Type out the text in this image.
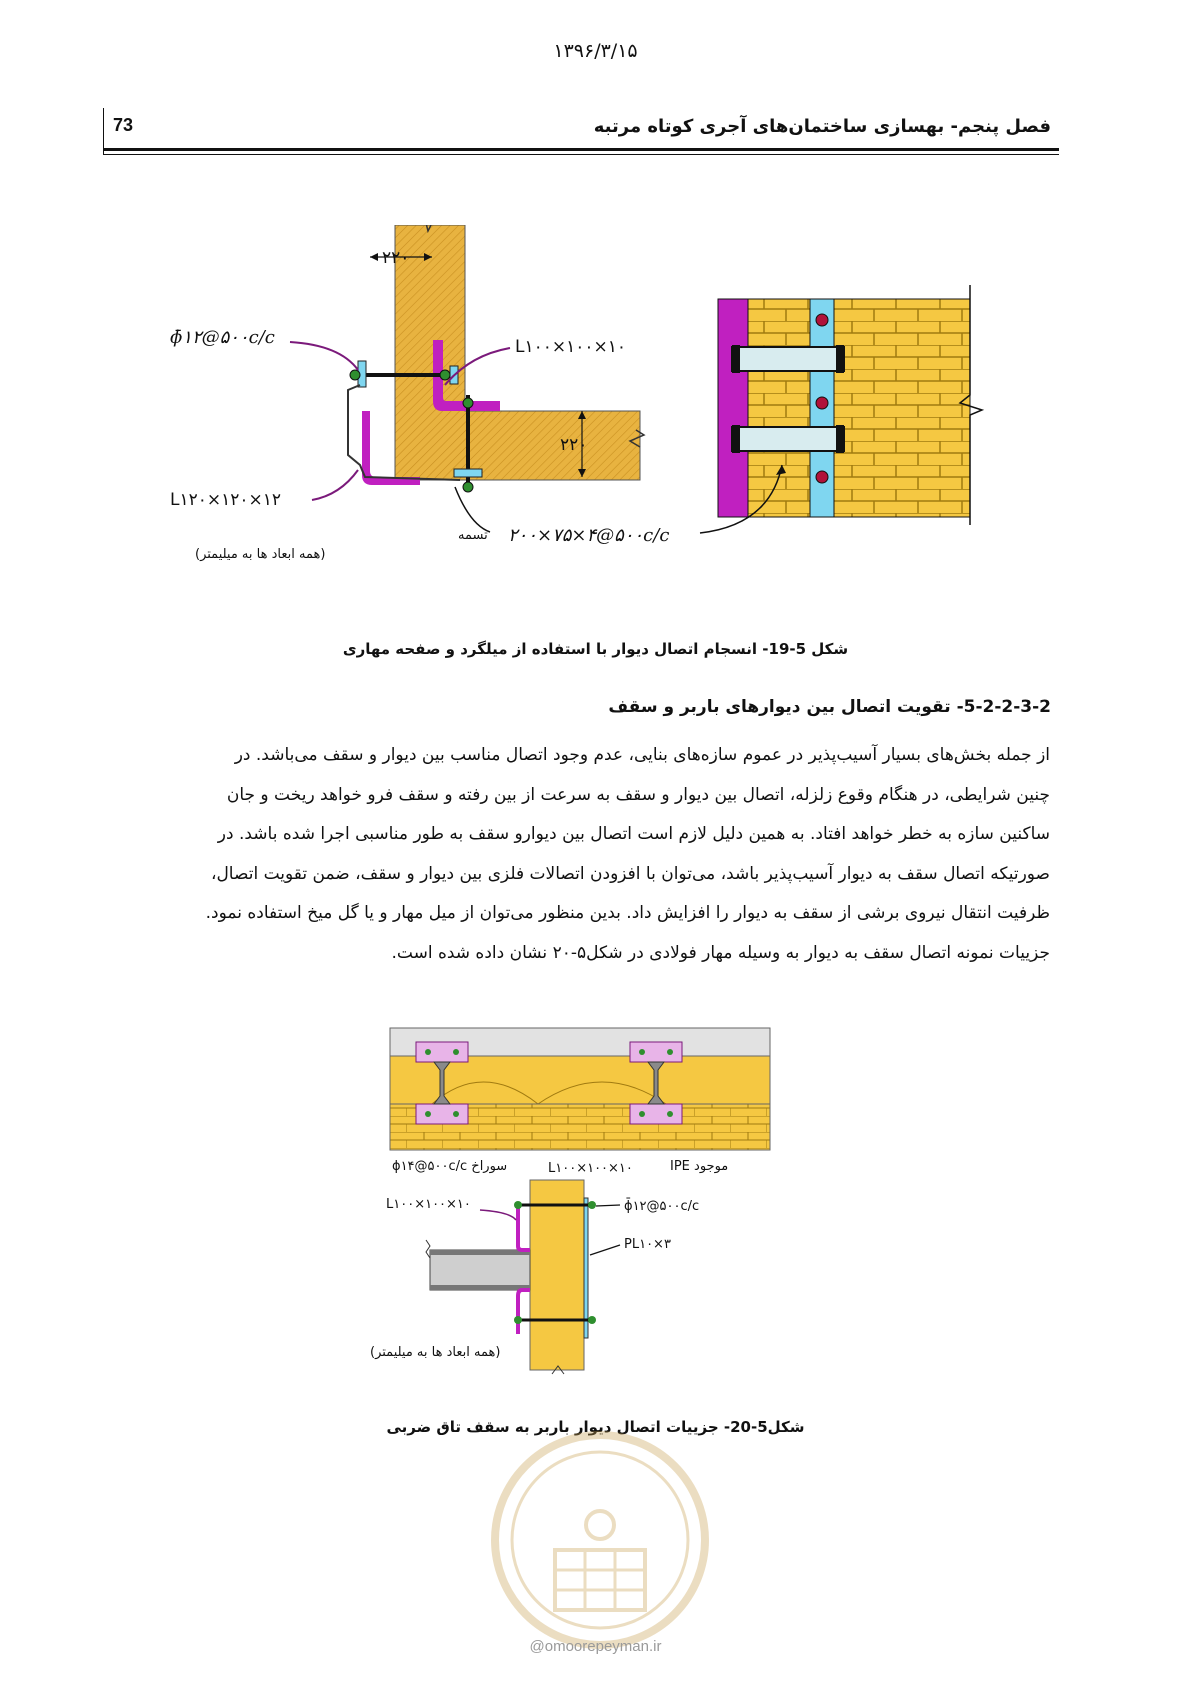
۱۳۹۶/۳/۱۵
73	فصل پنجم- بهسازی ساختمان‌های آجری کوتاه مرتبه
۲۲۰
۲۲۰
ϕ̄۱۲@۵۰۰c/c	L۱۰۰×۱۰۰×۱۰
L۱۲۰×۱۲۰×۱۲
تسمه ۲۰۰×۷۵×۴@۵۰۰c/c
(همه ابعاد ها به میلیمتر)
شکل 5-19- انسجام اتصال دیوار با استفاده از میلگرد و صفحه مهاری
5-2-2-3-2- تقویت اتصال بین دیوارهای باربر و سقف
از جمله بخش‌های بسیار آسیب‌پذیر در عموم سازه‌های بنایی، عدم وجود اتصال مناسب بین دیوار و سقف می‌باشد. در
چنین شرایطی، در هنگام وقوع زلزله، اتصال بین دیوار و سقف به سرعت از بین رفته و سقف فرو خواهد ریخت و جان
ساکنین سازه به خطر خواهد افتاد. به همین دلیل لازم است اتصال بین دیوارو سقف به طور مناسبی اجرا شده باشد. در
صورتیکه اتصال سقف به دیوار آسیب‌پذیر باشد، می‌توان با افزودن اتصالات فلزی بین دیوار و سقف، ضمن تقویت اتصال،
ظرفیت انتقال نیروی برشی از سقف به دیوار را افزایش داد. بدین منظور می‌توان از میل مهار و یا گل میخ استفاده نمود.
جزییات نمونه اتصال سقف به دیوار به وسیله مهار فولادی در شکل۵-۲۰ نشان داده شده است.
ϕ۱۴@۵۰۰c/c سوراخ	L۱۰۰×۱۰۰×۱۰	IPE موجود
L۱۰۰×۱۰۰×۱۰	ϕ̄۱۲@۵۰۰c/c
PL۱۰×۳
(همه ابعاد ها به میلیمتر)
شکل5-20- جزییات اتصال دیوار باربر به سقف تاق ضربی
@omoorepeyman.ir
